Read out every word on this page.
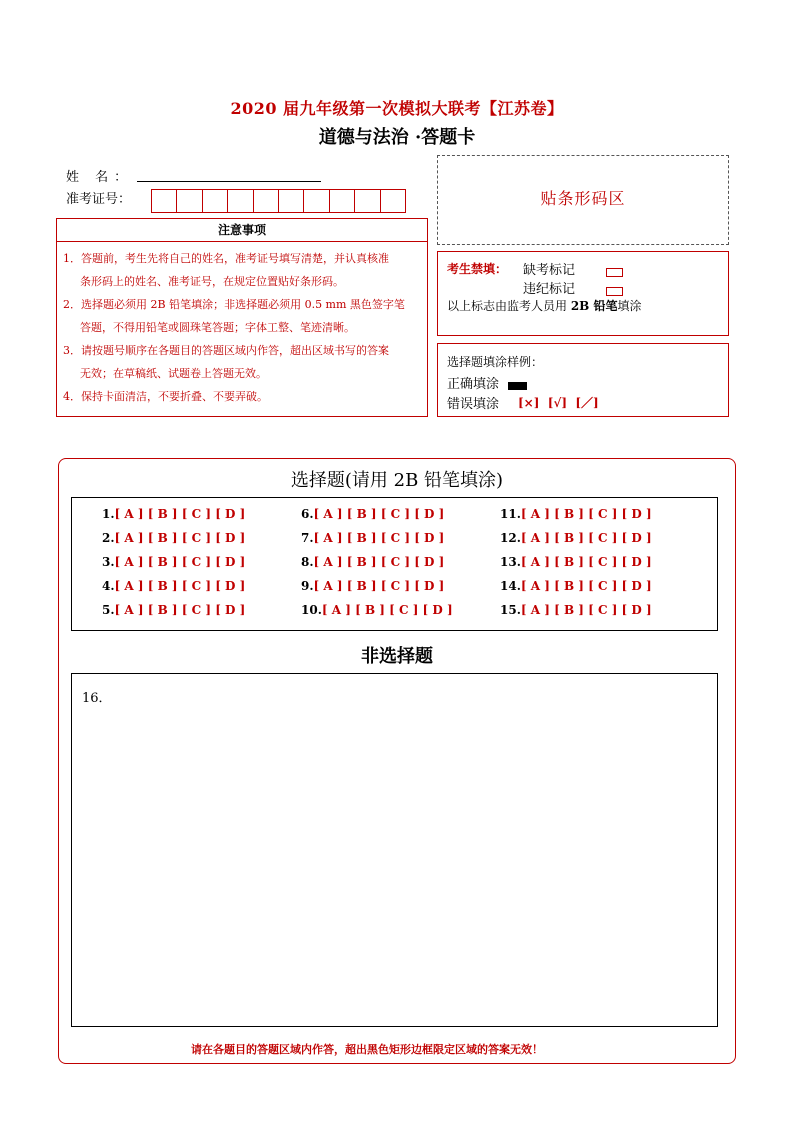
2020 届九年级第一次模拟大联考【江苏卷】
道德与法治 ·答题卡
姓 名：
准考证号：
注意事项

1．答题前，考生先将自己的姓名，准考证号填写清楚，并认真核准

条形码上的姓名、准考证号，在规定位置贴好条形码。

2．选择题必须用 2B 铅笔填涂；非选择题必须用 0.5 mm 黑色签字笔

答题，不得用铅笔或圆珠笔答题；字体工整、笔迹清晰。

3．请按题号顺序在各题目的答题区域内作答，超出区域书写的答案

无效；在草稿纸、试题卷上答题无效。

4．保持卡面清洁，不要折叠、不要弄破。

贴条形码区
考生禁填： 缺考标记
违纪标记
以上标志由监考人员用 2B 铅笔填涂
选择题填涂样例：
正确填涂
错误填涂 [×]  [√]  [／]
选择题(请用 2B 铅笔填涂)
1.[ A ] [ B ] [ C ] [ D ]
2.[ A ] [ B ] [ C ] [ D ]
3.[ A ] [ B ] [ C ] [ D ]
4.[ A ] [ B ] [ C ] [ D ]
5.[ A ] [ B ] [ C ] [ D ]
6.[ A ] [ B ] [ C ] [ D ]
7.[ A ] [ B ] [ C ] [ D ]
8.[ A ] [ B ] [ C ] [ D ]
9.[ A ] [ B ] [ C ] [ D ]
10.[ A ] [ B ] [ C ] [ D ]
11.[ A ] [ B ] [ C ] [ D ]
12.[ A ] [ B ] [ C ] [ D ]
13.[ A ] [ B ] [ C ] [ D ]
14.[ A ] [ B ] [ C ] [ D ]
15.[ A ] [ B ] [ C ] [ D ]
非选择题
16．
请在各题目的答题区域内作答，超出黑色矩形边框限定区域的答案无效！
